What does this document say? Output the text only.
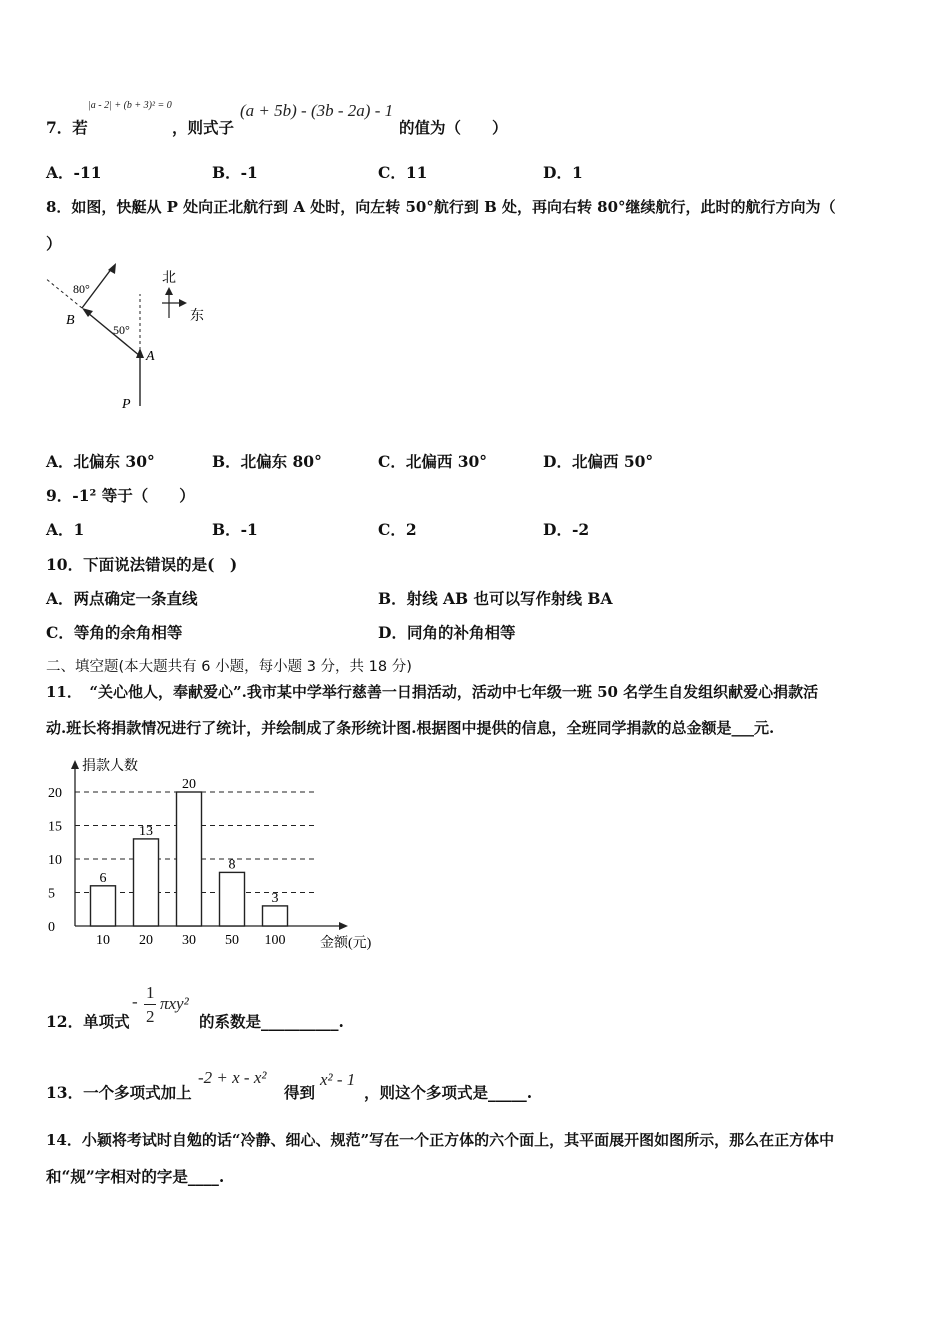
7．若
|a - 2| + (b + 3)² = 0
，则式子
(a + 5b) - (3b - 2a) - 1
的值为（　　）
A．-11	B．-1	C．11	D．1
8．如图，快艇从 P 处向正北航行到 A 处时，向左转 50°航行到 B 处，再向右转 80°继续航行，此时的航行方向为（
）
80°
50°
B
A
P
北
东
A．北偏东 30°	B．北偏东 80°	C．北偏西 30°	D．北偏西 50°
9．-1² 等于（　　）
A．1	B．-1	C．2	D．-2
10．下面说法错误的是(　)
A．两点确定一条直线	B．射线 AB 也可以写作射线 BA
C．等角的余角相等	D．同角的补角相等
二、填空题(本大题共有 6 小题，每小题 3 分，共 18 分)
11．　“关心他人，奉献爱心”.我市某中学举行慈善一日捐活动，活动中七年级一班 50 名学生自发组织献爱心捐款活
动.班长将捐款情况进行了统计，并绘制成了条形统计图.根据图中提供的信息，全班同学捐款的总金额是___元.
0
5
10
15
20
捐款人数
金额(元)
6
10
13
20
20
30
8
50
3
100
12．单项式
- 1
2
πxy²
的系数是__________.
13．一个多项式加上
-2 + x - x²
得到
x² - 1
，则这个多项式是_____.
14．小颖将考试时自勉的话“冷静、细心、规范”写在一个正方体的六个面上，其平面展开图如图所示，那么在正方体中
和“规”字相对的字是____.
